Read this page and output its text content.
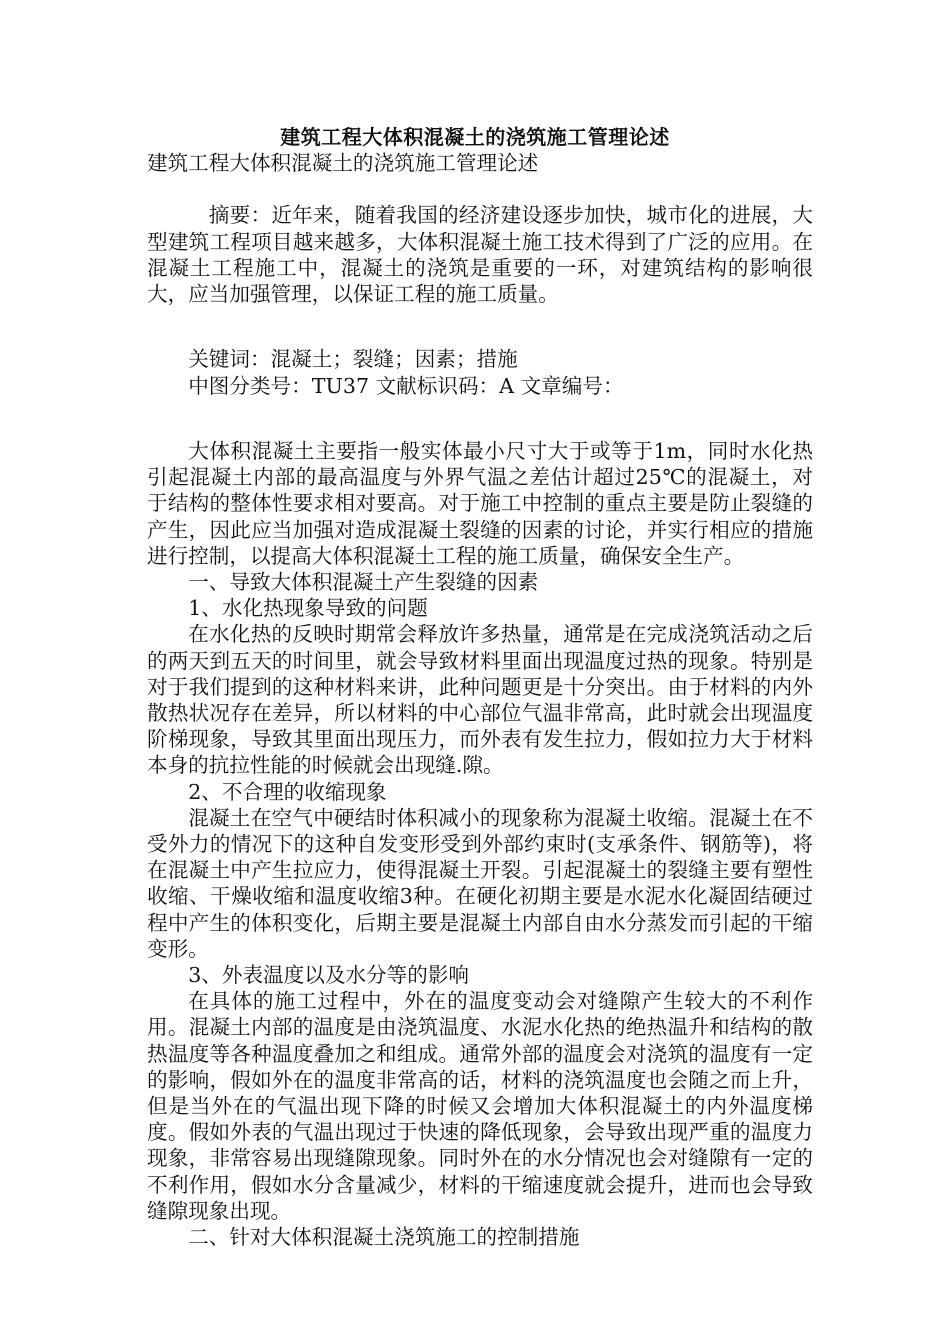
建筑工程大体积混凝土的浇筑施工管理论述

建筑工程大体积混凝土的浇筑施工管理论述

摘要：近年来，随着我国的经济建设逐步加快，城市化的进展，大型建筑工程项目越来越多，大体积混凝土施工技术得到了广泛的应用。在混凝土工程施工中，混凝土的浇筑是重要的一环，对建筑结构的影响很大，应当加强管理，以保证工程的施工质量。

关键词：混凝土；裂缝；因素；措施

中图分类号：TU37 文献标识码：A 文章编号：

大体积混凝土主要指一般实体最小尺寸大于或等于1m，同时水化热引起混凝土内部的最高温度与外界气温之差估计超过25℃的混凝土，对于结构的整体性要求相对要高。对于施工中控制的重点主要是防止裂缝的产生，因此应当加强对造成混凝土裂缝的因素的讨论，并实行相应的措施进行控制，以提高大体积混凝土工程的施工质量，确保安全生产。

一、导致大体积混凝土产生裂缝的因素

1、水化热现象导致的问题

在水化热的反映时期常会释放许多热量，通常是在完成浇筑活动之后的两天到五天的时间里，就会导致材料里面出现温度过热的现象。特别是对于我们提到的这种材料来讲，此种问题更是十分突出。由于材料的内外散热状况存在差异，所以材料的中心部位气温非常高，此时就会出现温度阶梯现象，导致其里面出现压力，而外表有发生拉力，假如拉力大于材料本身的抗拉性能的时候就会出现缝.隙。

2、不合理的收缩现象

混凝土在空气中硬结时体积减小的现象称为混凝土收缩。混凝土在不受外力的情况下的这种自发变形受到外部约束时(支承条件、钢筋等)，将在混凝土中产生拉应力，使得混凝土开裂。引起混凝土的裂缝主要有塑性收缩、干燥收缩和温度收缩3种。在硬化初期主要是水泥水化凝固结硬过程中产生的体积变化，后期主要是混凝土内部自由水分蒸发而引起的干缩变形。

3、外表温度以及水分等的影响

在具体的施工过程中，外在的温度变动会对缝隙产生较大的不利作用。混凝土内部的温度是由浇筑温度、水泥水化热的绝热温升和结构的散热温度等各种温度叠加之和组成。通常外部的温度会对浇筑的温度有一定的影响，假如外在的温度非常高的话，材料的浇筑温度也会随之而上升，但是当外在的气温出现下降的时候又会增加大体积混凝土的内外温度梯度。假如外表的气温出现过于快速的降低现象，会导致出现严重的温度力现象，非常容易出现缝隙现象。同时外在的水分情况也会对缝隙有一定的不利作用，假如水分含量减少，材料的干缩速度就会提升，进而也会导致缝隙现象出现。

二、针对大体积混凝土浇筑施工的控制措施
